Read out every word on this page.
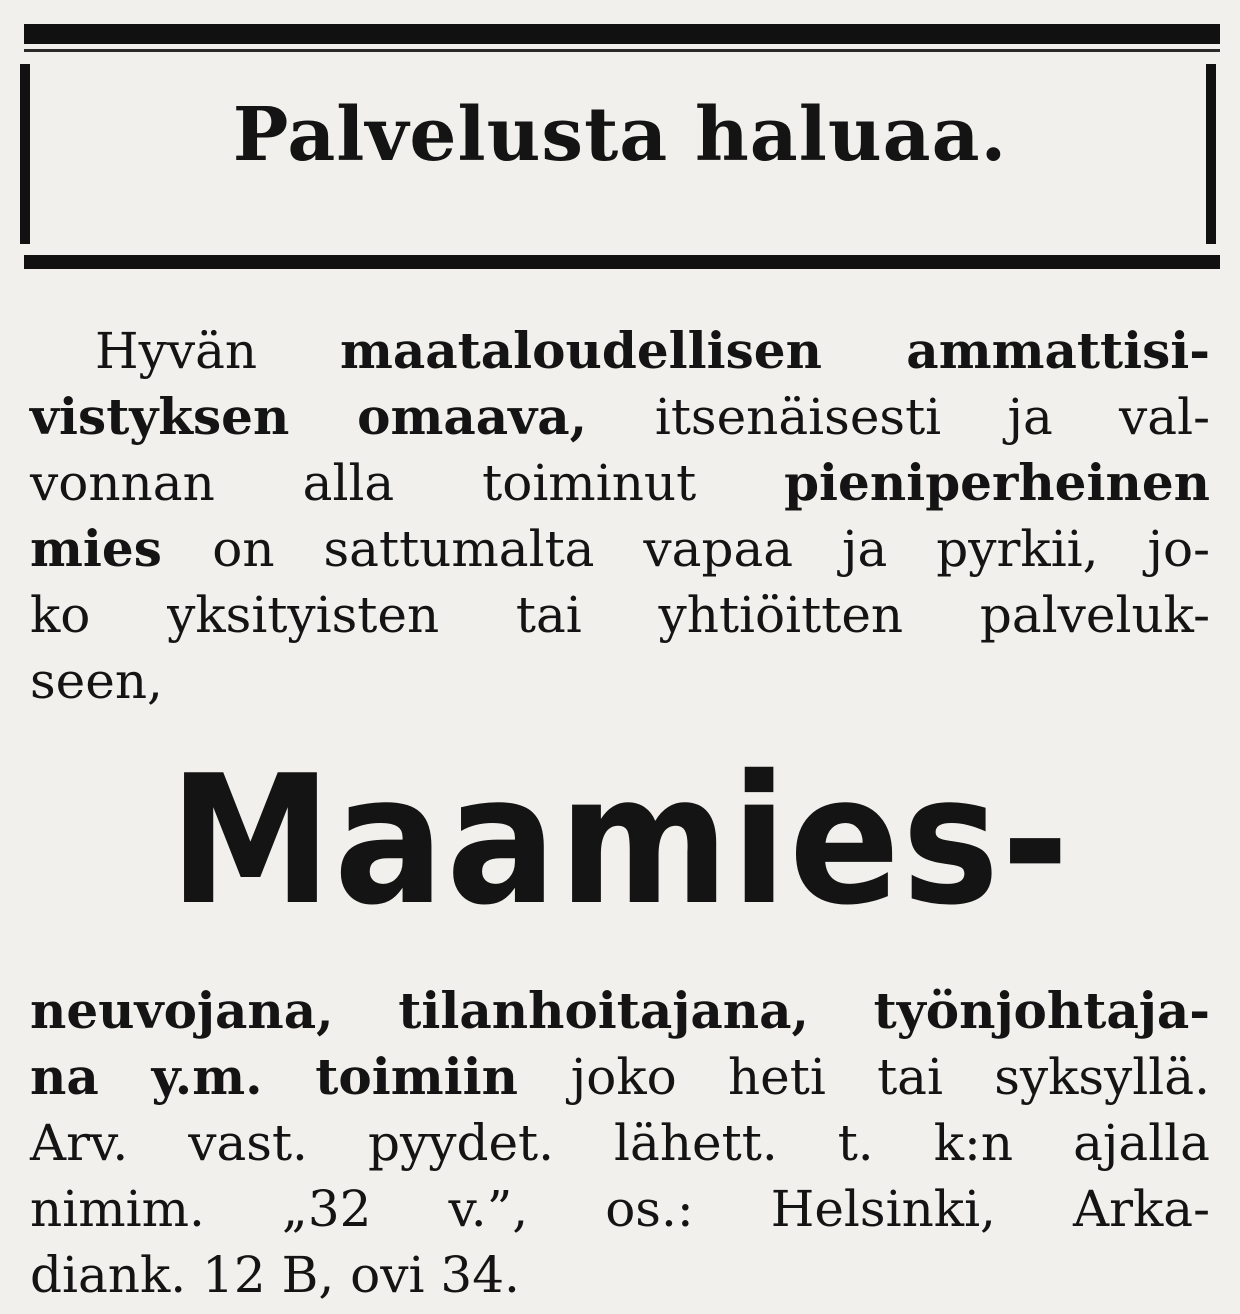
Palvelusta haluaa.
Hyvän maataloudellisen ammattisi-
vistyksen omaava, itsenäisesti ja val-
vonnan alla toiminut pieniperheinen
mies on sattumalta vapaa ja pyrkii, jo-
ko yksityisten tai yhtiöitten palveluk-
seen,
Maamies-
neuvojana, tilanhoitajana, työnjohtaja-
na y.m. toimiin joko heti tai syksyllä.
Arv. vast. pyydet. lähett. t. k:n ajalla
nimim. „32 v.”, os.: Helsinki, Arka-
diank. 12 B, ovi 34.
